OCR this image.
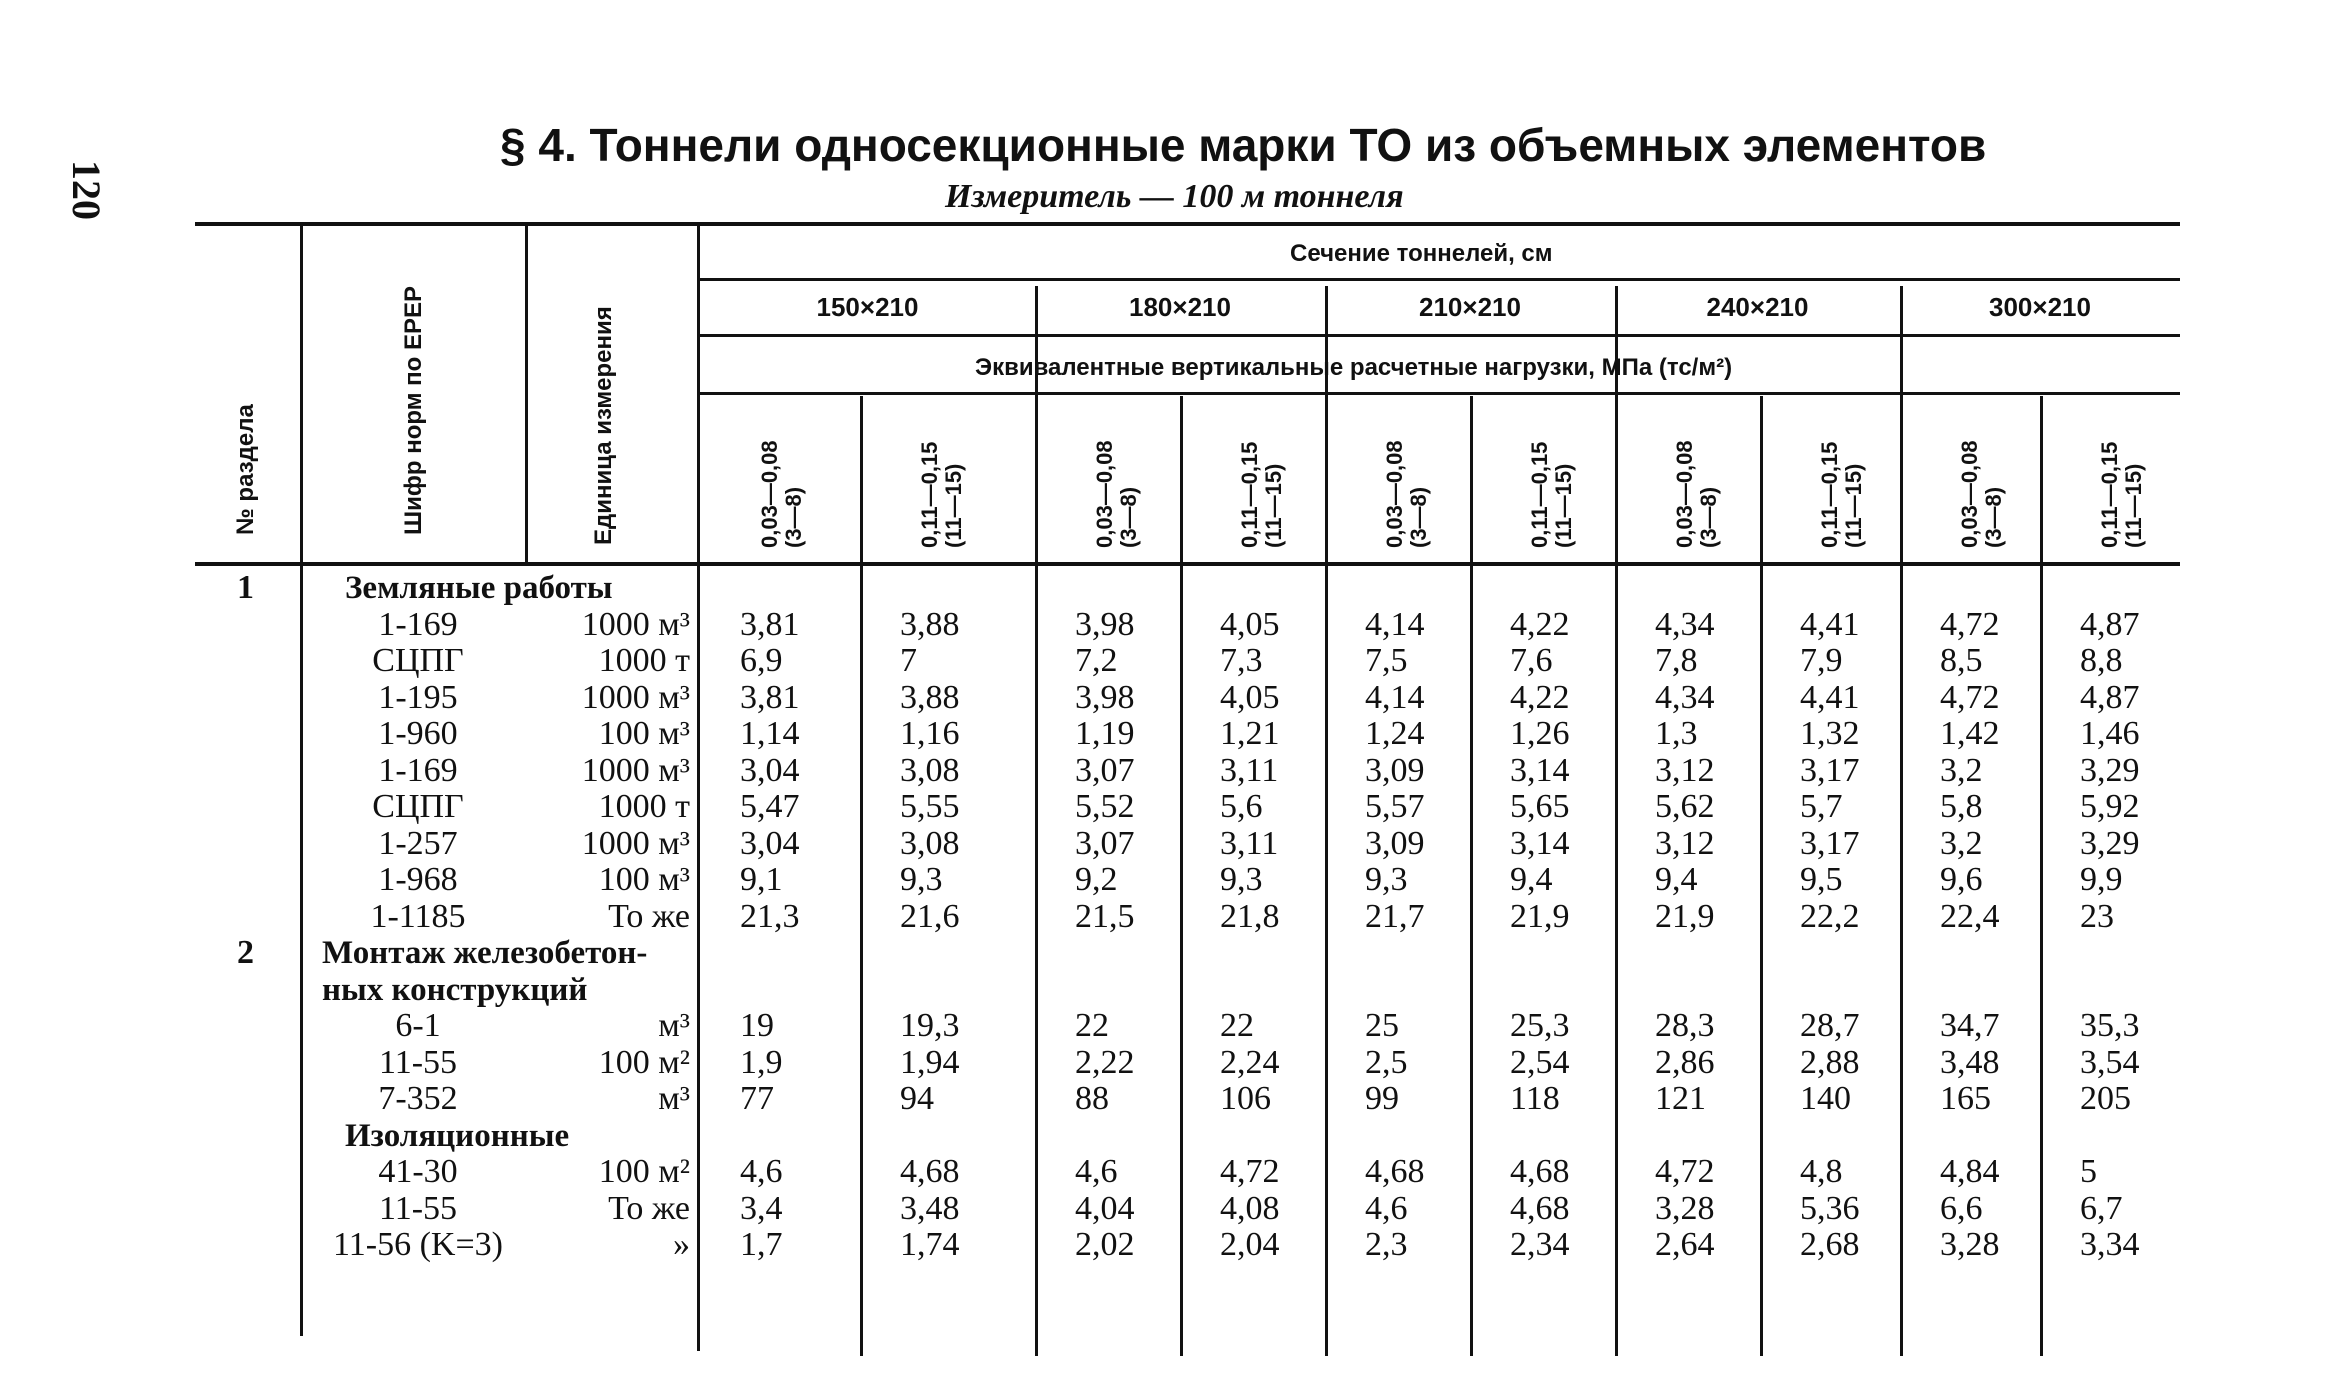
120
§ 4. Тоннели односекционные марки ТО из объемных элементов
Измеритель — 100 м тоннеля
№ раздела	Шифр норм по ЕРЕР	Единица измерения
Сечение тоннелей, см
Эквивалентные вертикальные расчетные нагрузки, МПа (тс/м²)
150×210	180×210	210×210	240×210	300×210
0,03—0,08 (3—8)	0,11—0,15 (11—15)	0,03—0,08 (3—8)	0,11—0,15 (11—15)	0,03—0,08 (3—8)	0,11—0,15 (11—15)	0,03—0,08 (3—8)	0,11—0,15 (11—15)	0,03—0,08 (3—8)	0,11—0,15 (11—15)
1	Земляные работы
1-169	1000 м³ 3,81	3,88	3,98	4,05	4,14	4,22	4,34	4,41 4,72 4,87
СЦПГ	1000 т 6,9	7	7,2	7,3	7,5	7,6	7,8	7,9	8,5	8,8
1-195	1000 м³ 3,81	3,88	3,98	4,05	4,14	4,22	4,34	4,41 4,72 4,87
1-960	100 м³ 1,14	1,16	1,19	1,21	1,24	1,26	1,3	1,32 1,42 1,46
1-169	1000 м³ 3,04	3,08	3,07	3,11	3,09	3,14	3,12	3,17 3,2	3,29
СЦПГ	1000 т 5,47	5,55	5,52	5,6	5,57	5,65	5,62	5,7	5,8	5,92
1-257	1000 м³ 3,04	3,08	3,07	3,11	3,09	3,14	3,12	3,17 3,2	3,29
1-968	100 м³ 9,1	9,3	9,2	9,3	9,3	9,4	9,4	9,5	9,6	9,9
1-1185	То же 21,3	21,6	21,5	21,8	21,7	21,9	21,9	22,2 22,4 23
2 Монтаж железобетон-
ных конструкций
6-1	м³ 19	19,3	22	22	25	25,3	28,3	28,7 34,7 35,3
11-55	100 м² 1,9	1,94	2,22	2,24	2,5	2,54	2,86	2,88 3,48 3,54
7-352	м³ 77	94	88	106	99	118	121	140	165	205
Изоляционные
41-30	100 м² 4,6	4,68	4,6	4,72	4,68	4,68	4,72	4,8	4,84 5
11-55	То же 3,4	3,48	4,04	4,08	4,6	4,68	3,28	5,36 6,6	6,7
11-56 (K=3)	» 1,7	1,74	2,02	2,04	2,3	2,34	2,64	2,68 3,28 3,34
